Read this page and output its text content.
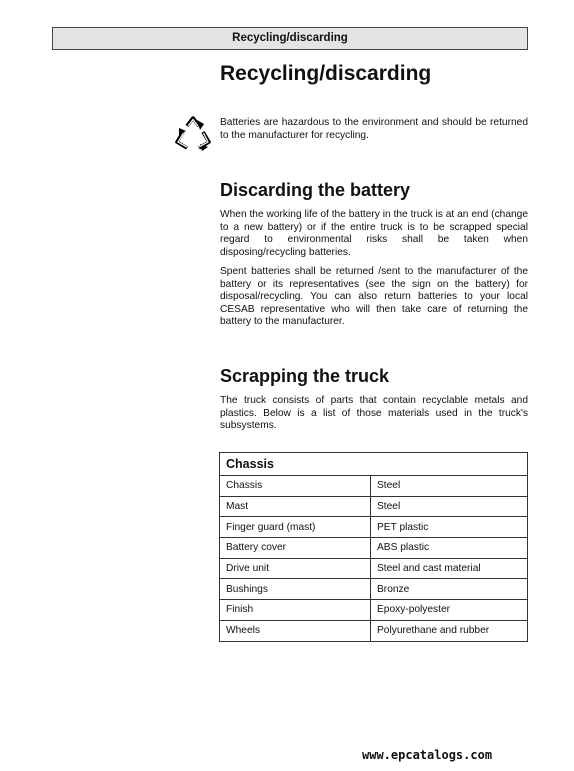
Recycling/discarding
Recycling/discarding

Batteries are hazardous to the environment and should be returned to the manufacturer for recycling.

Discarding the battery

When the working life of the battery in the truck is at an end (change to a new battery) or if the entire truck is to be scrapped special regard to environmental risks shall be taken when disposing/recycling batteries.

Spent batteries shall be returned /sent to the manufacturer of the battery or its representatives (see the sign on the battery) for disposal/recycling. You can also return batteries to your local CESAB representative who will then take care of returning the battery to the manufacturer.

Scrapping the truck

The truck consists of parts that contain recyclable metals and plastics. Below is a list of those materials used in the truck's subsystems.

Chassis	
Chassis	Steel
Mast	Steel
Finger guard (mast)	PET plastic
Battery cover	ABS plastic
Drive unit	Steel and cast material
Bushings	Bronze
Finish	Epoxy-polyester
Wheels	Polyurethane and rubber
www.epcatalogs.com
